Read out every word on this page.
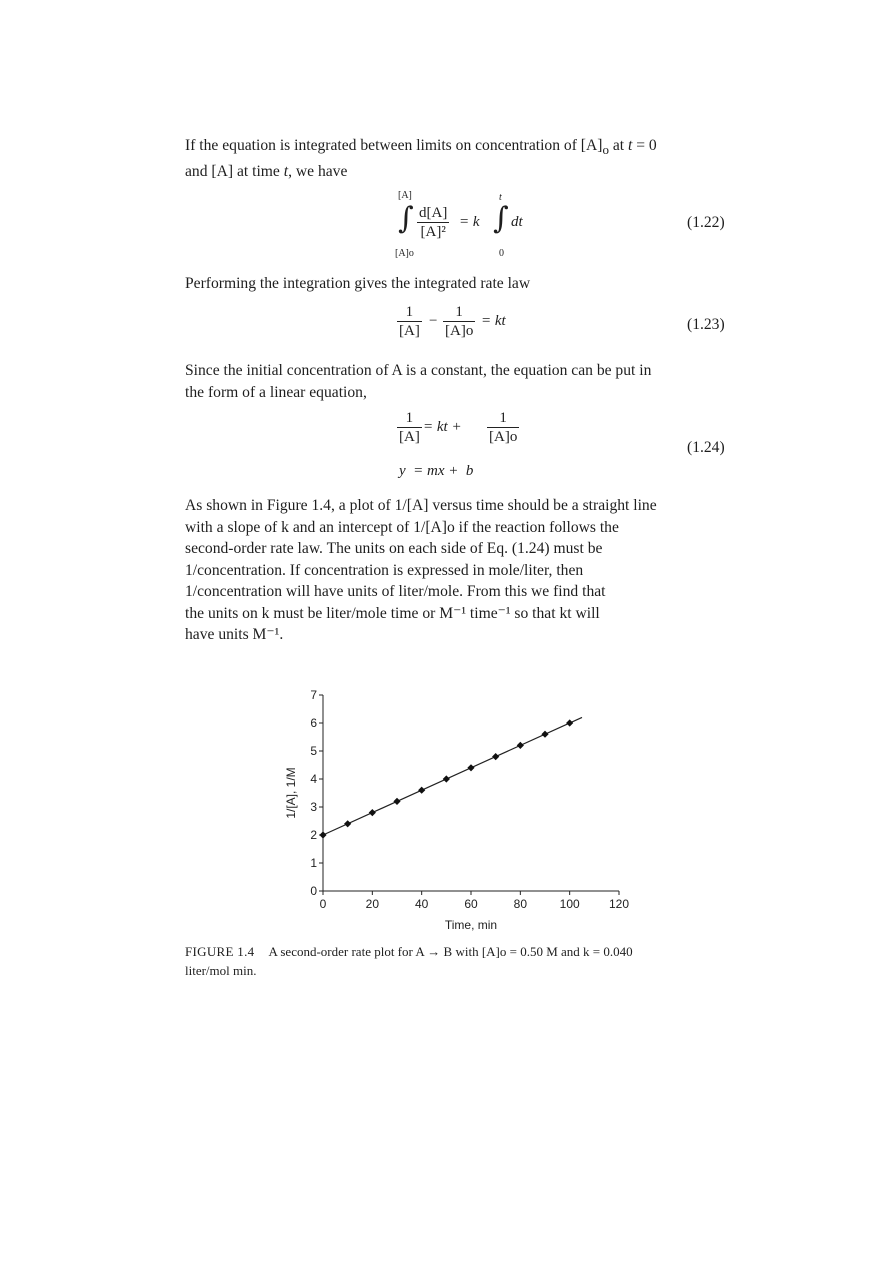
If the equation is integrated between limits on concentration of $[A]_o$ at t = 0
and [A] at time t, we have
[A]
∫
[A]o
$\frac{d[A]}{\text{[A]²}} = k$
t
∫
0
dt	(1.22)
Performing the integration gives the integrated rate law
$\frac{1}{[A]} - \frac{1}{[A]o}$ = kt	(1.23)
Since the initial concentration of A is a constant, the equation can be put in
the form of a linear equation,
$\frac{1}{[A]}$ = kt + $\frac{1}{[A]o}$
y  = mx +  b
(1.24)
As shown in Figure 1.4, a plot of 1/[A] versus time should be a straight line
with a slope of k and an intercept of 1/[A]o if the reaction follows the
second-order rate law. The units on each side of Eq. (1.24) must be
1/concentration. If concentration is expressed in mole/liter, then
1/concentration will have units of liter/mole. From this we find that
the units on k must be liter/mole time or M⁻¹ time⁻¹ so that kt will
have units M⁻¹.
0	20	40	60	80	100 120
0
1
2
3
4
5
6
7
Time, min
1/[A], 1/M
FIGURE 1.4 A second-order rate plot for A → B with [A]o = 0.50 M and k = 0.040
liter/mol min.
